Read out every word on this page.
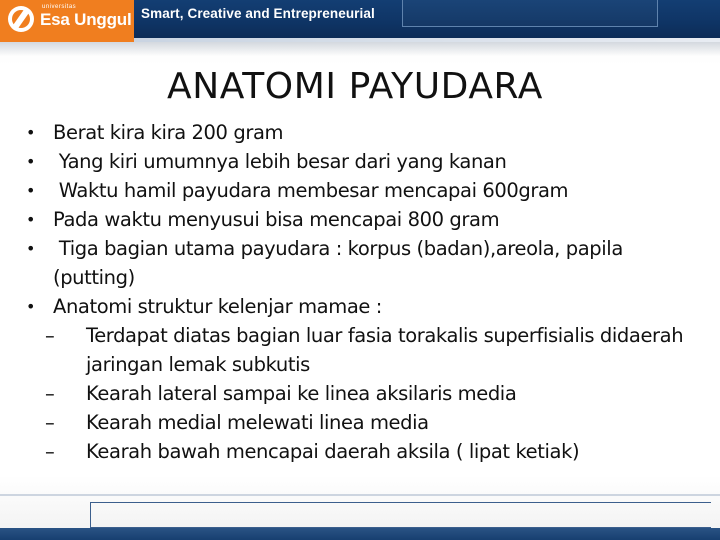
universitas
Esa Unggul Smart, Creative and Entrepreneurial
ANATOMI PAYUDARA
• Berat kira kira 200 gram
• Yang kiri umumnya lebih besar dari yang kanan
• Waktu hamil payudara membesar mencapai 600gram
• Pada waktu menyusui bisa mencapai 800 gram
• Tiga bagian utama payudara : korpus (badan),areola, papila (putting)
• Anatomi struktur kelenjar mamae :
– Terdapat diatas bagian luar fasia torakalis superfisialis didaerah jaringan lemak subkutis
– Kearah lateral sampai ke linea aksilaris media
– Kearah medial melewati linea media
– Kearah bawah mencapai daerah aksila ( lipat ketiak)
